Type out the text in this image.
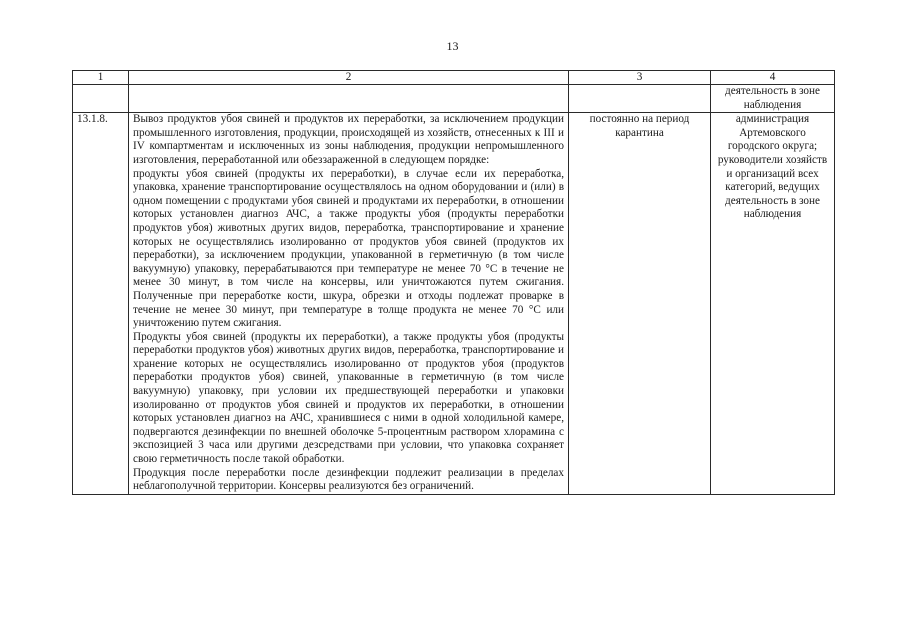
13
1	2	3	4
			деятельность в зоне наблюдения
13.1.8.	Вывоз продуктов убоя свиней и продуктов их переработки, за исключением продукции промышленного изготовления, продукции, происходящей из хозяйств, отнесенных к III и IV компартментам и исключенных из зоны наблюдения, продукции непромышленного изготовления, переработанной или обеззараженной в следующем порядке:

продукты убоя свиней (продукты их переработки), в случае если их переработка, упаковка, хранение транспортирование осуществлялось на одном оборудовании и (или) в одном помещении с продуктами убоя свиней и продуктами их переработки, в отношении которых установлен диагноз АЧС, а также продукты убоя (продукты переработки продуктов убоя) животных других видов, переработка, транспортирование и хранение которых не осуществлялись изолированно от продуктов убоя свиней (продуктов их переработки), за исключением продукции, упакованной в герметичную (в том числе вакуумную) упаковку, перерабатываются при температуре не менее 70 °С в течение не менее 30 минут, в том числе на консервы, или уничтожаются путем сжигания. Полученные при переработке кости, шкура, обрезки и отходы подлежат проварке в течение не менее 30 минут, при температуре в толще продукта не менее 70 °С или уничтожению путем сжигания.

Продукты убоя свиней (продукты их переработки), а также продукты убоя (продукты переработки продуктов убоя) животных других видов, переработка, транспортирование и хранение которых не осуществлялись изолированно от продуктов убоя (продуктов переработки продуктов убоя) свиней, упакованные в герметичную (в том числе вакуумную) упаковку, при условии их предшествующей переработки и упаковки изолированно от продуктов убоя свиней и продуктов их переработки, в отношении которых установлен диагноз на АЧС, хранившиеся с ними в одной холодильной камере, подвергаются дезинфекции по внешней оболочке 5-процентным раствором хлорамина с экспозицией 3 часа или другими дезсредствами при условии, что упаковка сохраняет свою герметичность после такой обработки.

Продукция после переработки после дезинфекции подлежит реализации в пределах неблагополучной территории. Консервы реализуются без ограничений.	постоянно на период карантина	администрация Артемовского городского округа; руководители хозяйств и организаций всех категорий, ведущих деятельность в зоне наблюдения
